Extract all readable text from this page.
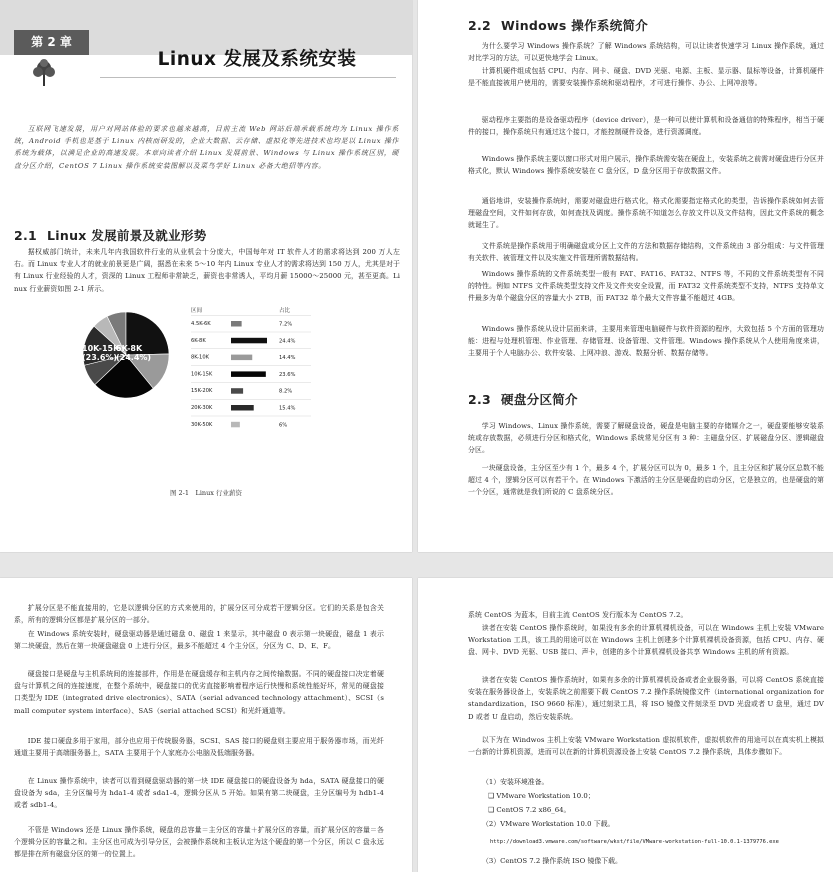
第 2 章
Linux 发展及系统安装

互联网飞速发展，用户对网站体验的要求也越来越高，目前主流 Web 网站后端承载系统均为 Linux 操作系统，Android 手机也是基于 Linux 内核而研发的，企业大数据、云存储、虚拟化等先进技术也均是以 Linux 操作系统为载体，以满足企业的高速发展。本章向读者介绍 Linux 发展前景、Windows 与 Linux 操作系统区别，硬盘分区介绍，CentOS 7 Linux 操作系统安装图解以及菜鸟学好 Linux 必备大绝招等内容。

2.1 Linux 发展前景及就业形势

据权威部门统计，未来几年内我国软件行业的从业机会十分庞大，中国每年对 IT 软件人才的需求将达到 200 万人左右。而 Linux 专业人才的就业前景更是广阔，据悉在未来 5～10 年内 Linux 专业人才的需求将达到 150 万人，尤其是对于有 Linux 行业经验的人才，资深的 Linux 工程师非常缺乏，薪资也非常诱人，平均月薪 15000～25000 元，甚至更高。Linux 行业薪资如图 2-1 所示。

10K-15K
(23.6%)
6K-8K
(24.4%)
区间	占比
4.5K-6K	7.2%
6K-8K	24.4%
8K-10K	14.4%
10K-15K	23.6%
15K-20K	8.2%
20K-30K	15.4%
30K-50K	6%
图 2-1　Linux 行业薪资
2.2 Windows 操作系统简介

为什么要学习 Windows 操作系统？了解 Windows 系统结构，可以让读者快速学习 Linux 操作系统，通过对比学习的方法，可以更快地学会 Linux。

计算机硬件组成包括 CPU、内存、网卡、硬盘、DVD 光驱、电源、主板、显示器、鼠标等设备，计算机硬件是不能直接被用户使用的，需要安装操作系统和驱动程序，才可进行操作、办公、上网冲浪等。

驱动程序主要指的是设备驱动程序（device driver），是一种可以使计算机和设备通信的特殊程序，相当于硬件的接口，操作系统只有通过这个接口，才能控制硬件设备，进行资源调度。

Windows 操作系统主要以窗口形式对用户展示，操作系统需安装在硬盘上，安装系统之前需对硬盘进行分区并格式化，默认 Windows 操作系统安装在 C 盘分区，D 盘分区用于存放数据文件。

通俗地讲，安装操作系统时，需要对磁盘进行格式化，格式化需要指定格式化的类型，告诉操作系统如何去管理磁盘空间，文件如何存放，如何查找及调度。操作系统不知道怎么存放文件以及文件结构，因此文件系统的概念就诞生了。

文件系统是操作系统用于明确磁盘或分区上文件的方法和数据存储结构，文件系统由 3 部分组成：与文件管理有关软件、被管理文件以及实施文件管理所需数据结构。

Windows 操作系统的文件系统类型一般有 FAT、FAT16、FAT32、NTFS 等，不同的文件系统类型有不同的特性。例如 NTFS 文件系统类型支持文件及文件夹安全设置，而 FAT32 文件系统类型不支持，NTFS 支持单文件最多为单个磁盘分区的容量大小 2TB，而 FAT32 单个最大文件容量不能超过 4GB。

Windows 操作系统从设计层面来讲，主要用来管理电脑硬件与软件资源的程序，大致包括 5 个方面的管理功能：进程与处理机管理、作业管理、存储管理、设备管理、文件管理。Windows 操作系统从个人使用角度来讲，主要用于个人电脑办公、软件安装、上网冲浪、游戏、数据分析、数据存储等。

2.3 硬盘分区简介

学习 Windows、Linux 操作系统，需要了解硬盘设备，硬盘是电脑主要的存储媒介之一，硬盘要能够安装系统或存放数据，必须进行分区和格式化，Windows 系统常见分区有 3 种：主磁盘分区、扩展磁盘分区、逻辑磁盘分区。

一块硬盘设备，主分区至少有 1 个，最多 4 个，扩展分区可以为 0，最多 1 个，且主分区和扩展分区总数不能超过 4 个，逻辑分区可以有若干个。在 Windows 下激活的主分区是硬盘的启动分区，它是独立的，也是硬盘的第一个分区，通常就是我们所说的 C 盘系统分区。

扩展分区是不能直接用的，它是以逻辑分区的方式来使用的，扩展分区可分成若干逻辑分区。它们的关系是包含关系，所有的逻辑分区都是扩展分区的一部分。

在 Windows 系统安装时，硬盘驱动器是通过磁盘 0、磁盘 1 来显示，其中磁盘 0 表示第一块硬盘，磁盘 1 表示第二块硬盘，然后在第一块硬盘磁盘 0 上进行分区，最多不能超过 4 个主分区，分区为 C、D、E、F。

硬盘接口是硬盘与主机系统间的连接部件，作用是在硬盘缓存和主机内存之间传输数据。不同的硬盘接口决定着硬盘与计算机之间的连接速度，在整个系统中，硬盘接口的优劣直接影响着程序运行快慢和系统性能好坏，常见的硬盘接口类型为 IDE（integrated drive electronics）、SATA（serial advanced technology attachment）、SCSI（small computer system interface）、SAS（serial attached SCSI）和光纤通道等。

IDE 接口硬盘多用于家用，部分也应用于传统服务器，SCSI、SAS 接口的硬盘则主要应用于服务器市场，而光纤通道主要用于高端服务器上，SATA 主要用于个人家庭办公电脑及低端服务器。

在 Linux 操作系统中，读者可以看到硬盘驱动器的第一块 IDE 硬盘接口的硬盘设备为 hda，SATA 硬盘接口的硬盘设备为 sda，主分区编号为 hda1-4 或者 sda1-4，逻辑分区从 5 开始。如果有第二块硬盘，主分区编号为 hdb1-4 或者 sdb1-4。

不管是 Windows 还是 Linux 操作系统，硬盘的总容量＝主分区的容量＋扩展分区的容量，而扩展分区的容量＝各个逻辑分区的容量之和。主分区也可成为引导分区，会被操作系统和主板认定为这个硬盘的第一个分区，所以 C 盘永远都是排在所有磁盘分区的第一的位置上。

系统 CentOS 为蓝本，目前主流 CentOS 发行版本为 CentOS 7.2。

读者在安装 CentOS 操作系统时，如果没有多余的计算机裸机设备，可以在 Windows 主机上安装 VMware Workstation 工具，该工具的用途可以在 Windows 主机上创建多个计算机裸机设备资源，包括 CPU、内存、硬盘、网卡、DVD 光驱、USB 接口、声卡，创建的多个计算机裸机设备共享 Windows 主机的所有资源。

读者在安装 CentOS 操作系统时，如果有多余的计算机裸机设备或者企业服务器，可以将 CentOS 系统直接安装在服务器设备上，安装系统之前需要下载 CentOS 7.2 操作系统镜像文件（international organization for standardization，ISO 9660 标准），通过刻录工具，将 ISO 镜像文件刻录至 DVD 光盘或者 U 盘里，通过 DVD 或者 U 盘启动，然后安装系统。

以下为在 Windwos 主机上安装 VMware Workstation 虚拟机软件，虚拟机软件的用途可以在真实机上模拟一台新的计算机资源，进而可以在新的计算机资源设备上安装 CentOS 7.2 操作系统，具体步骤如下。

（1）安装环境准备。

❑ VMware Workstation 10.0；

❑ CentOS 7.2 x86_64。

（2）VMware Workstation 10.0 下载。

http://download3.vmware.com/software/wkst/file/VMware-workstation-full-10.0.1-1379776.exe

（3）CentOS 7.2 操作系统 ISO 镜像下载。
